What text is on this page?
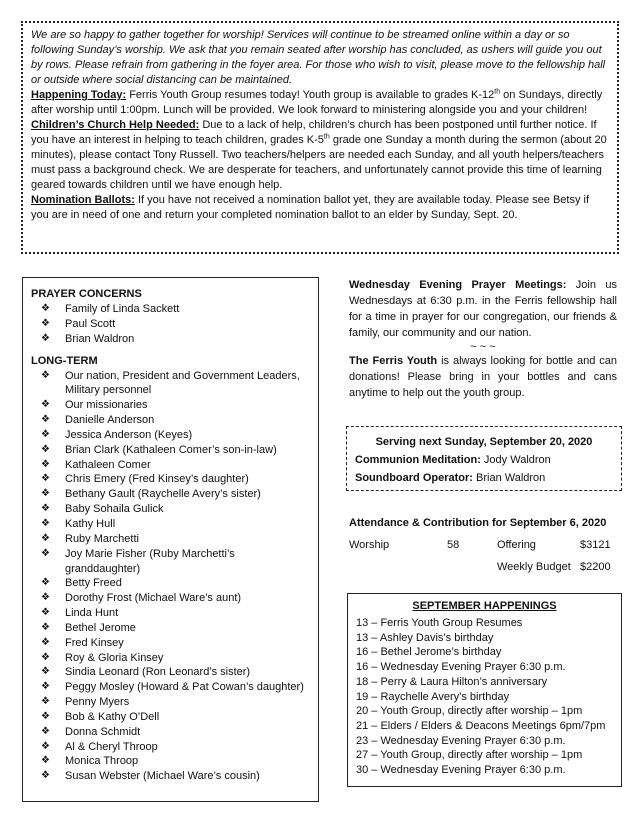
We are so happy to gather together for worship! Services will continue to be streamed online within a day or so following Sunday’s worship. We ask that you remain seated after worship has concluded, as ushers will guide you out by rows. Please refrain from gathering in the foyer area. For those who wish to visit, please move to the fellowship hall or outside where social distancing can be maintained.

Happening Today: Ferris Youth Group resumes today! Youth group is available to grades K-12th on Sundays, directly after worship until 1:00pm. Lunch will be provided. We look forward to ministering alongside you and your children!

Children’s Church Help Needed: Due to a lack of help, children’s church has been postponed until further notice. If you have an interest in helping to teach children, grades K-5th grade one Sunday a month during the sermon (about 20 minutes), please contact Tony Russell. Two teachers/helpers are needed each Sunday, and all youth helpers/teachers must pass a background check. We are desperate for teachers, and unfortunately cannot provide this time of learning geared towards children until we have enough help.

Nomination Ballots: If you have not received a nomination ballot yet, they are available today. Please see Betsy if you are in need of one and return your completed nomination ballot to an elder by Sunday, Sept. 20.

PRAYER CONCERNS
❖ Family of Linda Sackett
❖ Paul Scott
❖ Brian Waldron
LONG-TERM
❖ Our nation, President and Government Leaders, Military personnel
❖ Our missionaries
❖ Danielle Anderson
❖ Jessica Anderson (Keyes)
❖ Brian Clark (Kathaleen Comer’s son-in-law)
❖ Kathaleen Comer
❖ Chris Emery (Fred Kinsey’s daughter)
❖ Bethany Gault (Raychelle Avery’s sister)
❖ Baby Sohaila Gulick
❖ Kathy Hull
❖ Ruby Marchetti
❖ Joy Marie Fisher (Ruby Marchetti’s granddaughter)
❖ Betty Freed
❖ Dorothy Frost (Michael Ware’s aunt)
❖ Linda Hunt
❖ Bethel Jerome
❖ Fred Kinsey
❖ Roy & Gloria Kinsey
❖ Sindia Leonard (Ron Leonard’s sister)
❖ Peggy Mosley (Howard & Pat Cowan’s daughter)
❖ Penny Myers
❖ Bob & Kathy O’Dell
❖ Donna Schmidt
❖ Al & Cheryl Throop
❖ Monica Throop
❖ Susan Webster (Michael Ware’s cousin)

Wednesday Evening Prayer Meetings: Join us Wednesdays at 6:30 p.m. in the Ferris fellowship hall for a time in prayer for our congregation, our friends & family, our community and our nation.

~ ~ ~

The Ferris Youth is always looking for bottle and can donations! Please bring in your bottles and cans anytime to help out the youth group.

Serving next Sunday, September 20, 2020
Communion Meditation: Jody Waldron
Soundboard Operator: Brian Waldron
Attendance & Contribution for September 6, 2020
Worship	58	Offering	$3121
Weekly Budget $2200
SEPTEMBER HAPPENINGS
13 – Ferris Youth Group Resumes
13 – Ashley Davis’s birthday
16 – Bethel Jerome’s birthday
16 – Wednesday Evening Prayer 6:30 p.m.
18 – Perry & Laura Hilton’s anniversary
19 – Raychelle Avery’s birthday
20 – Youth Group, directly after worship – 1pm
21 – Elders / Elders & Deacons Meetings 6pm/7pm
23 – Wednesday Evening Prayer 6:30 p.m.
27 – Youth Group, directly after worship – 1pm
30 – Wednesday Evening Prayer 6:30 p.m.
